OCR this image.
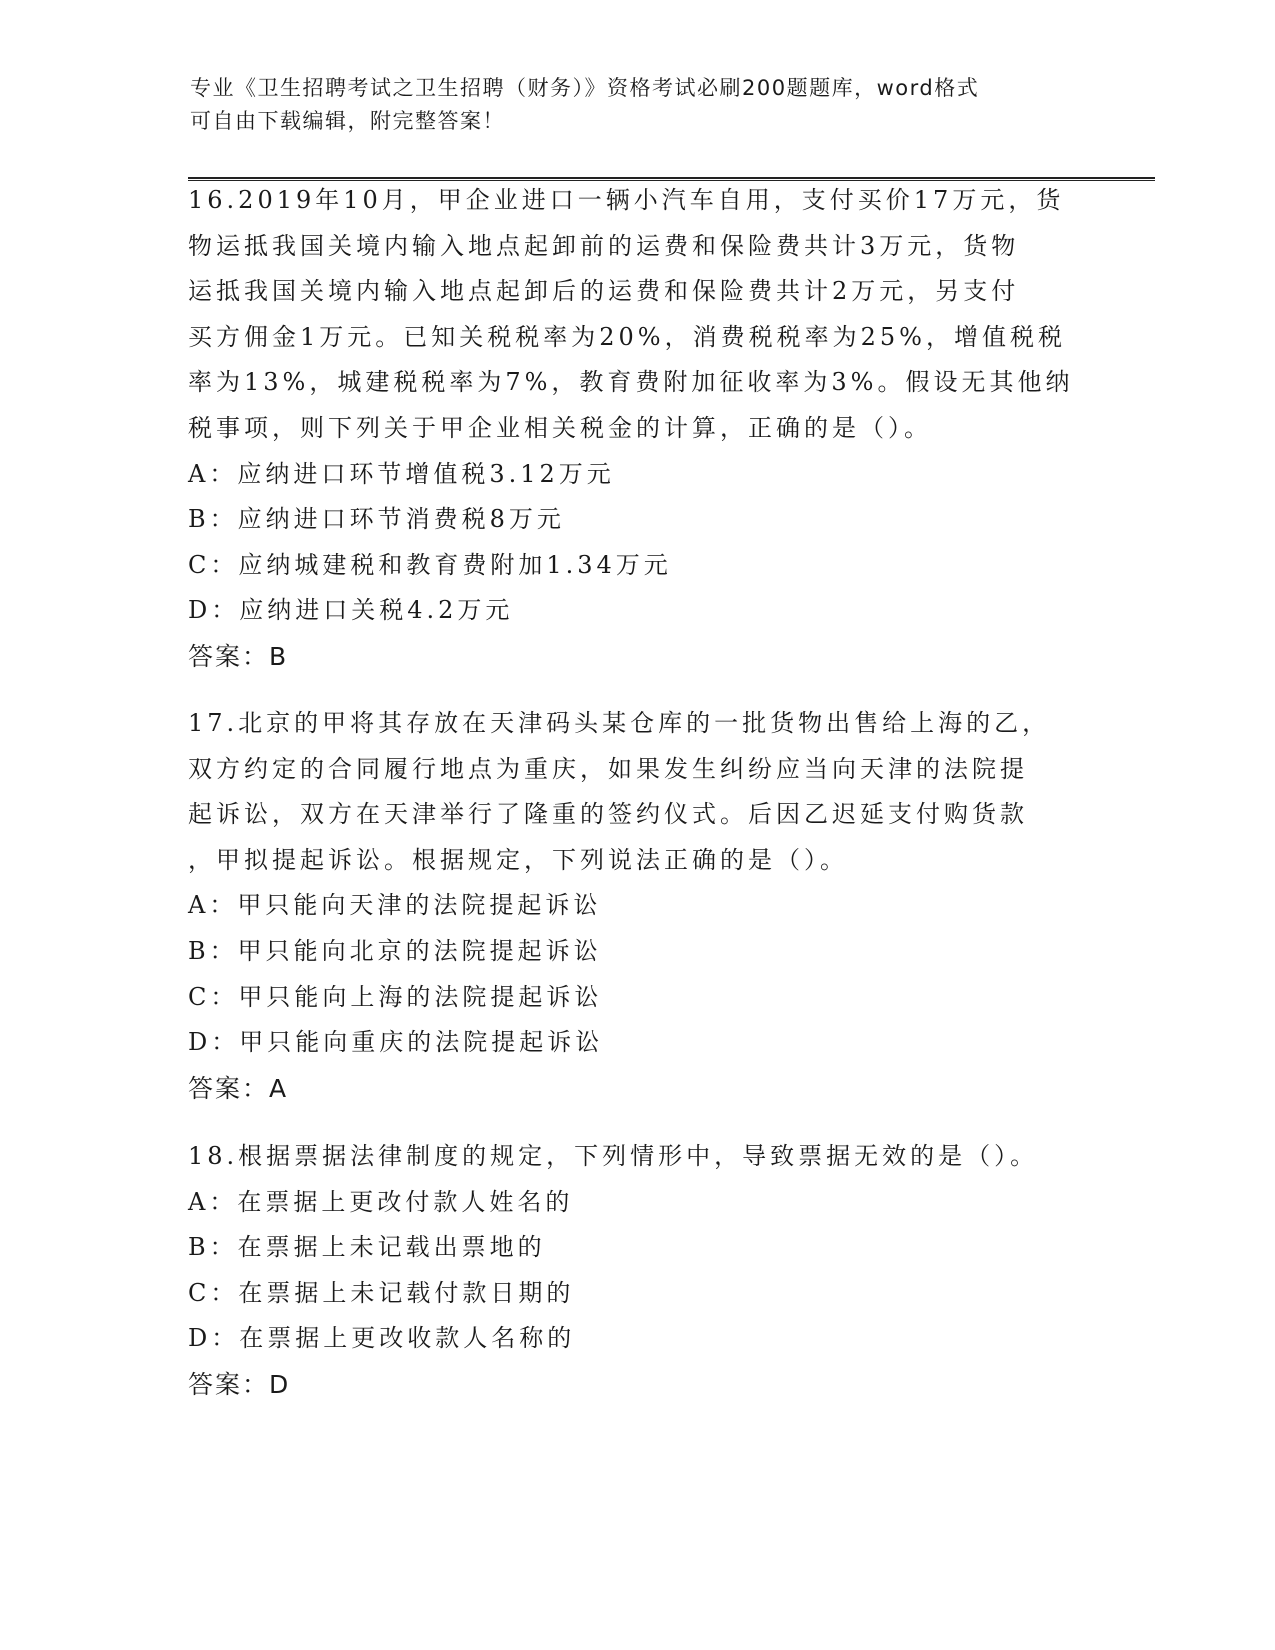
专业《卫生招聘考试之卫生招聘（财务）》资格考试必刷200题题库，word格式

可自由下载编辑，附完整答案！

16.2019年10月，甲企业进口一辆小汽车自用，支付买价17万元，货

物运抵我国关境内输入地点起卸前的运费和保险费共计3万元，货物

运抵我国关境内输入地点起卸后的运费和保险费共计2万元，另支付

买方佣金1万元。已知关税税率为20%，消费税税率为25%，增值税税

率为13%，城建税税率为7%，教育费附加征收率为3%。假设无其他纳

税事项，则下列关于甲企业相关税金的计算，正确的是（）。

A：应纳进口环节增值税3.12万元

B：应纳进口环节消费税8万元

C：应纳城建税和教育费附加1.34万元

D：应纳进口关税4.2万元

答案：B

17.北京的甲将其存放在天津码头某仓库的一批货物出售给上海的乙，

双方约定的合同履行地点为重庆，如果发生纠纷应当向天津的法院提

起诉讼，双方在天津举行了隆重的签约仪式。后因乙迟延支付购货款

，甲拟提起诉讼。根据规定，下列说法正确的是（）。

A：甲只能向天津的法院提起诉讼

B：甲只能向北京的法院提起诉讼

C：甲只能向上海的法院提起诉讼

D：甲只能向重庆的法院提起诉讼

答案：A

18.根据票据法律制度的规定，下列情形中，导致票据无效的是（）。

A：在票据上更改付款人姓名的

B：在票据上未记载出票地的

C：在票据上未记载付款日期的

D：在票据上更改收款人名称的

答案：D
